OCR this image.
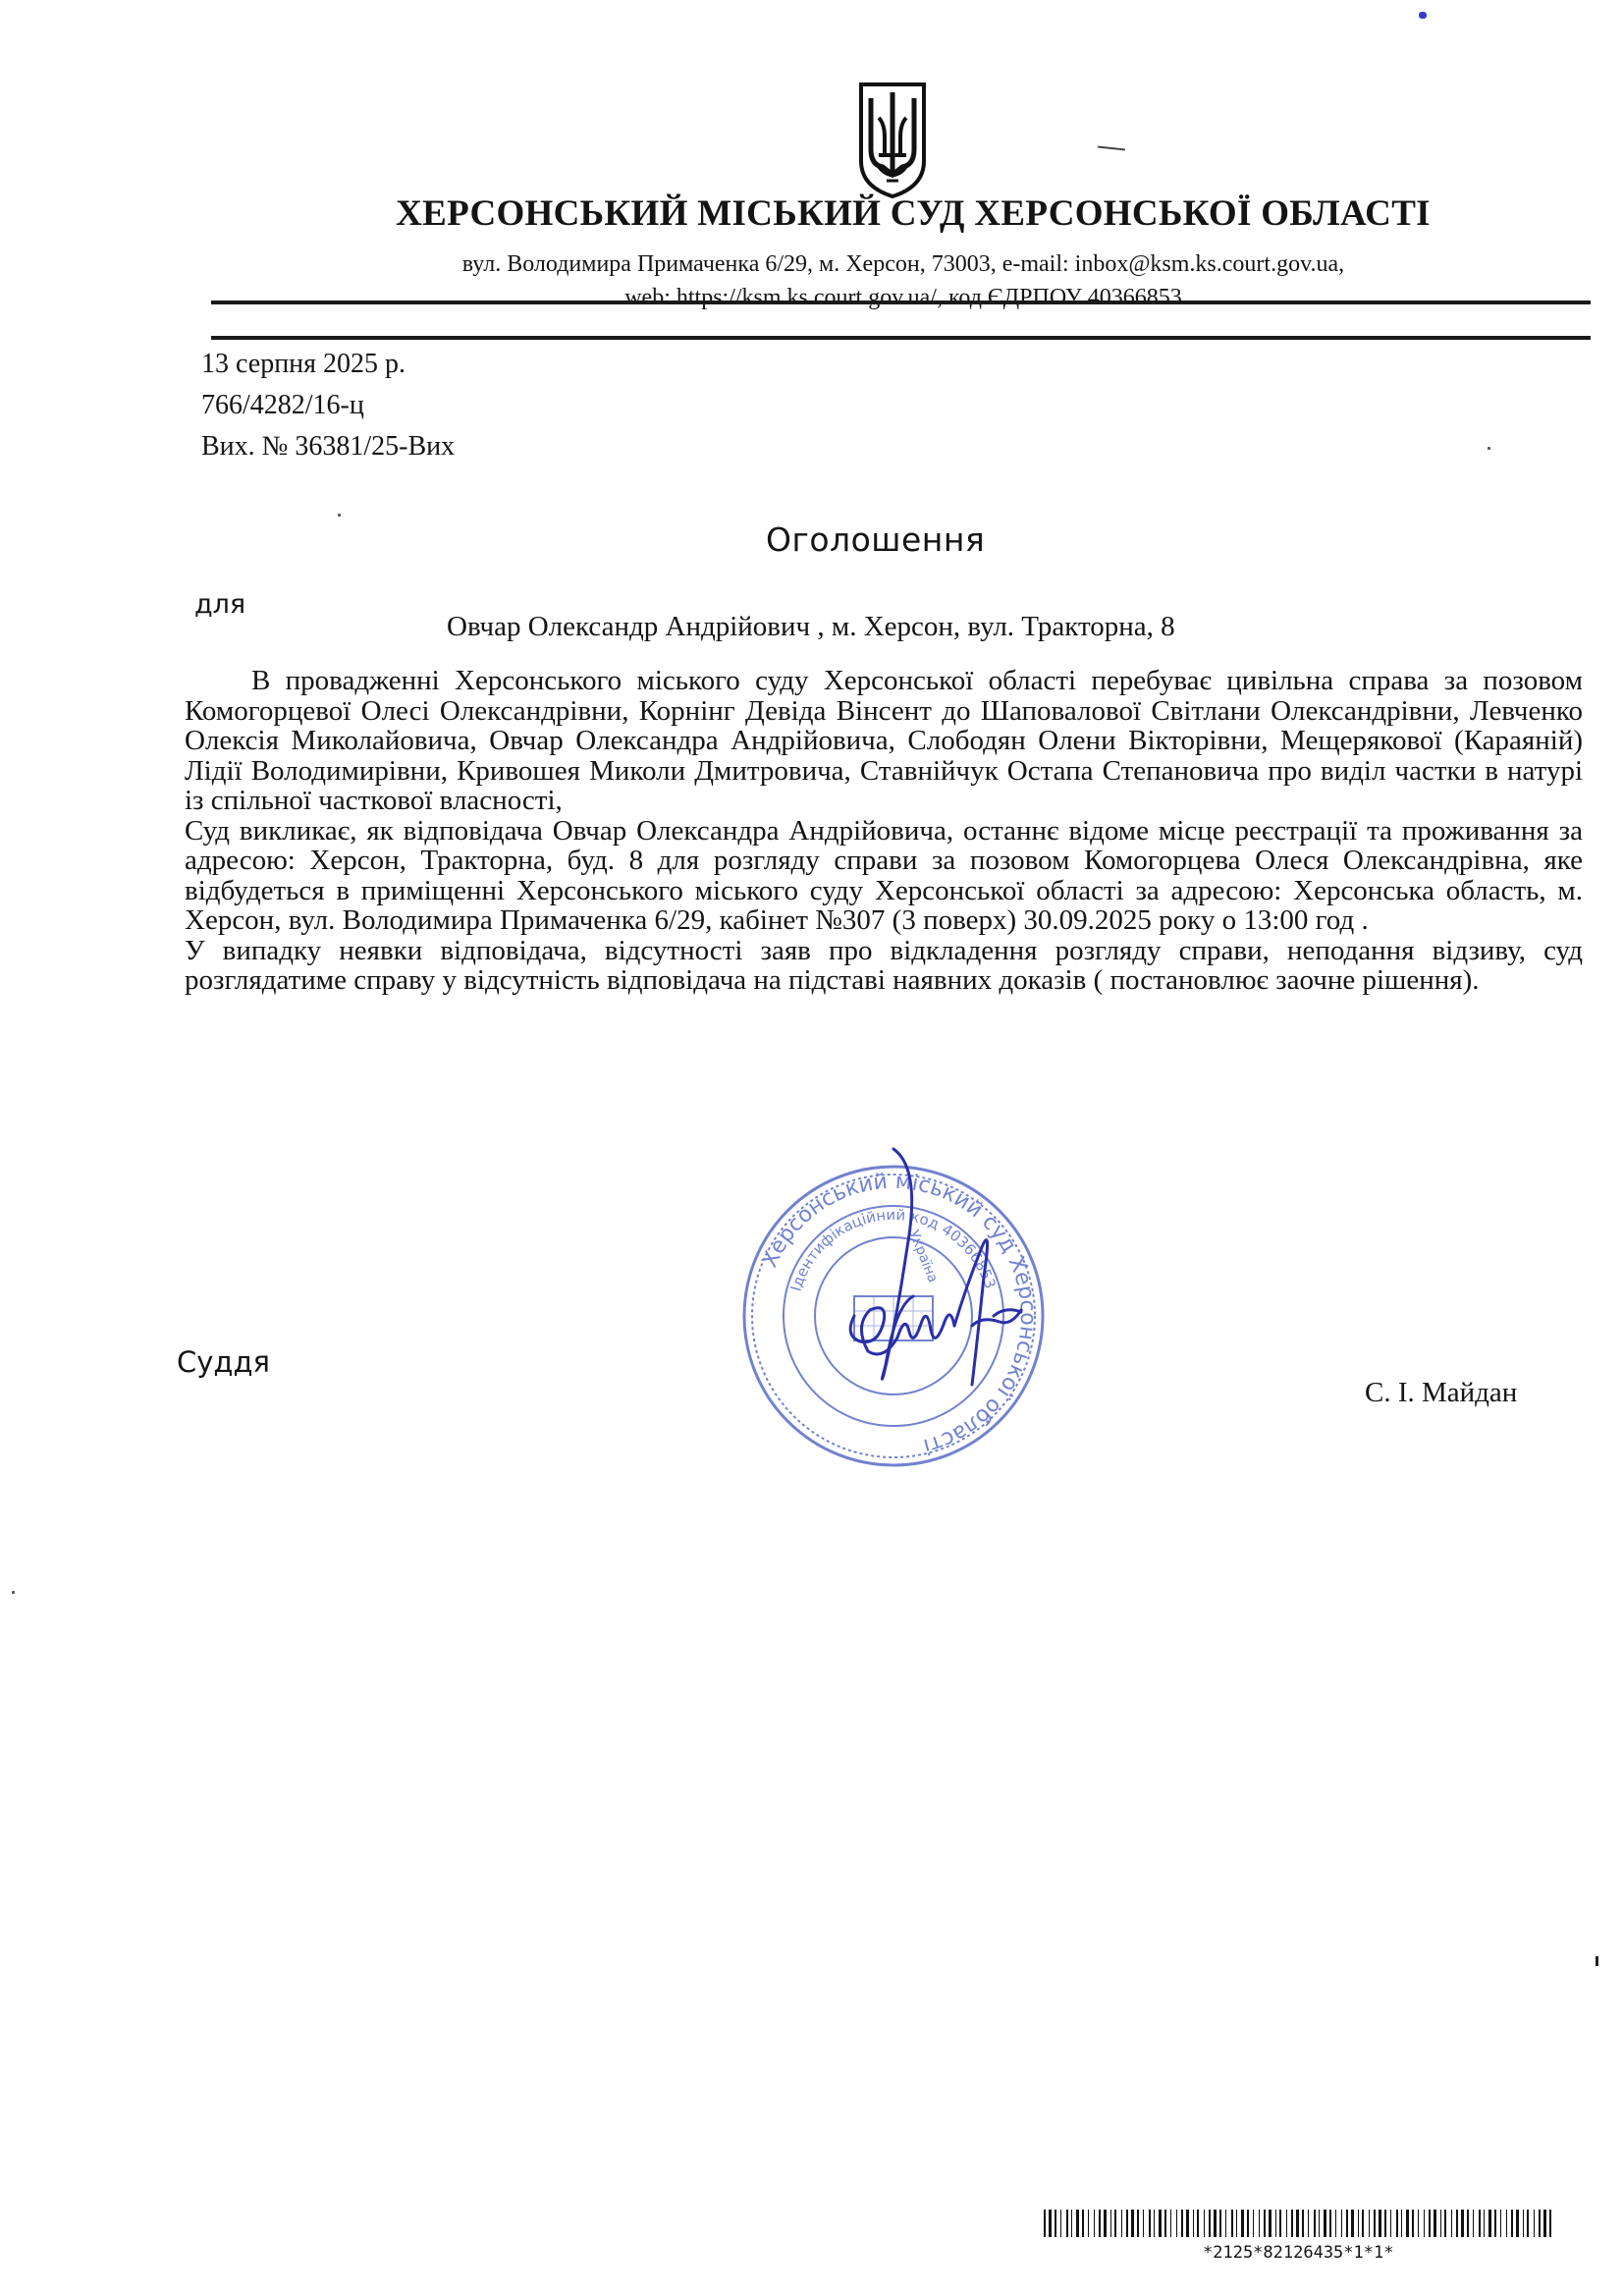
ХЕРСОНСЬКИЙ МІСЬКИЙ СУД ХЕРСОНСЬКОЇ ОБЛАСТІ
вул. Володимира Примаченка 6/29, м. Херсон, 73003, e-mail: inbox@ksm.ks.court.gov.ua,
web: https://ksm.ks.court.gov.ua/, код ЄДРПОУ 40366853
13 серпня 2025 р.
766/4282/16-ц
Вих. № 36381/25-Вих
Оголошення
для
Овчар Олександр Андрійович , м. Херсон, вул. Тракторна, 8

В провадженні Херсонського міського суду Херсонської області перебуває цивільна справа за позовом Комогорцевої Олесі Олександрівни, Корнінг Девіда Вінсент до Шаповалової Світлани Олександрівни, Левченко Олексія Миколайовича, Овчар Олександра Андрійовича, Слободян Олени Вікторівни, Мещерякової (Караяній) Лідії Володимирівни, Кривошея Миколи Дмитровича, Ставнійчук Остапа Степановича про виділ частки в натурі із спільної часткової власності,

Суд викликає, як відповідача Овчар Олександра Андрійовича, останнє відоме місце реєстрації та проживання за адресою: Херсон, Тракторна, буд. 8 для розгляду справи за позовом Комогорцева Олеся Олександрівна, яке відбудеться в приміщенні Херсонського міського суду Херсонської області за адресою: Херсонська область, м. Херсон, вул. Володимира Примаченка 6/29, кабінет №307 (3 поверх) 30.09.2025 року о 13:00 год .

У випадку неявки відповідача, відсутності заяв про відкладення розгляду справи, неподання відзиву, суд розглядатиме справу у відсутність відповідача на підставі наявних доказів ( постановлює заочне рішення).

Херсонський міський суд Херсонської області
Ідентифікаційний код 40366853
Україна
Суддя
С. І. Майдан
*2125*82126435*1*1*
